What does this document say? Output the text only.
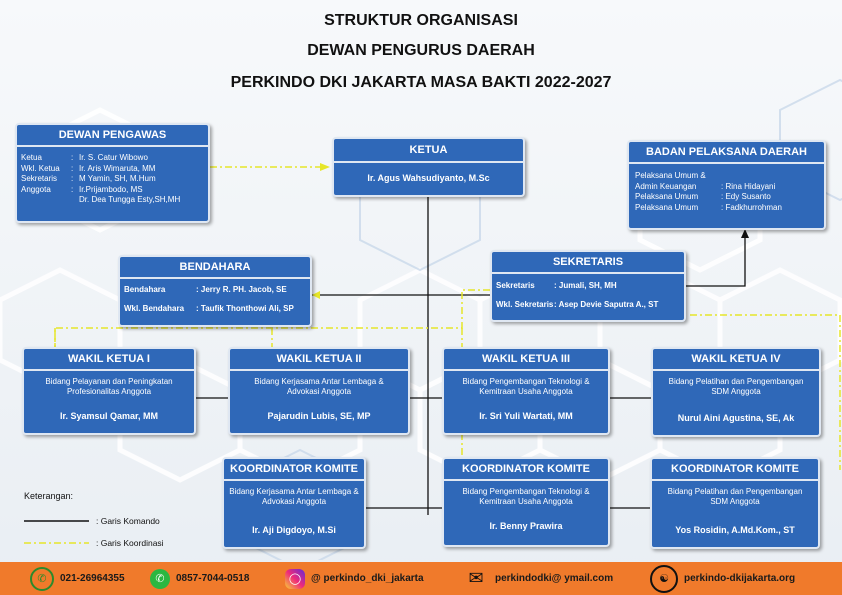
STRUKTUR ORGANISASI
DEWAN PENGURUS DAERAH
PERKINDO DKI JAKARTA MASA BAKTI 2022-2027
DEWAN PENGAWAS
Ketua	: Ir. S. Catur Wibowo
Wkl. Ketua : Ir. Aris Wimaruta, MM
Sekretaris : M Yamin, SH, M.Hum
Anggota	: Ir.Prijambodo, MS
Dr. Dea Tungga Esty,SH,MH
KETUA
Ir. Agus Wahsudiyanto, M.Sc
BADAN PELAKSANA DAERAH
Pelaksana Umum &
Admin Keuangan	: Rina Hidayani
Pelaksana Umum	: Edy Susanto
Pelaksana Umum	: Fadkhurrohman
BENDAHARA
Bendahara	: Jerry R. PH. Jacob, SE
Wkl. Bendahara : Taufik Thonthowi Ali, SP
SEKRETARIS
Sekretaris : Jumali, SH, MH
Wkl. Sekretaris: Asep Devie Saputra A., ST
WAKIL KETUA I
Bidang Pelayanan dan Peningkatan Profesionalitas Anggota
Ir. Syamsul Qamar, MM
WAKIL KETUA II
Bidang Kerjasama Antar Lembaga & Advokasi Anggota
Pajarudin Lubis, SE, MP
WAKIL KETUA III
Bidang Pengembangan Teknologi & Kemitraan Usaha Anggota
Ir. Sri Yuli Wartati, MM
WAKIL KETUA IV
Bidang Pelatihan dan Pengembangan SDM Anggota
Nurul Aini Agustina, SE, Ak
KOORDINATOR KOMITE
Bidang Kerjasama Antar Lembaga & Advokasi Anggota
Ir. Aji Digdoyo, M.Si
KOORDINATOR KOMITE
Bidang Pengembangan Teknologi & Kemitraan Usaha Anggota
Ir. Benny Prawira
KOORDINATOR KOMITE
Bidang Pelatihan dan Pengembangan SDM Anggota
Yos Rosidin, A.Md.Kom., ST
Keterangan:
: Garis Komando
: Garis Koordinasi
✆	021-26964355	✆	0857-7044-0518	◯ @ perkindo_dki_jakarta	✉	perkindodki@ ymail.com	☯	perkindo-dkijakarta.org
